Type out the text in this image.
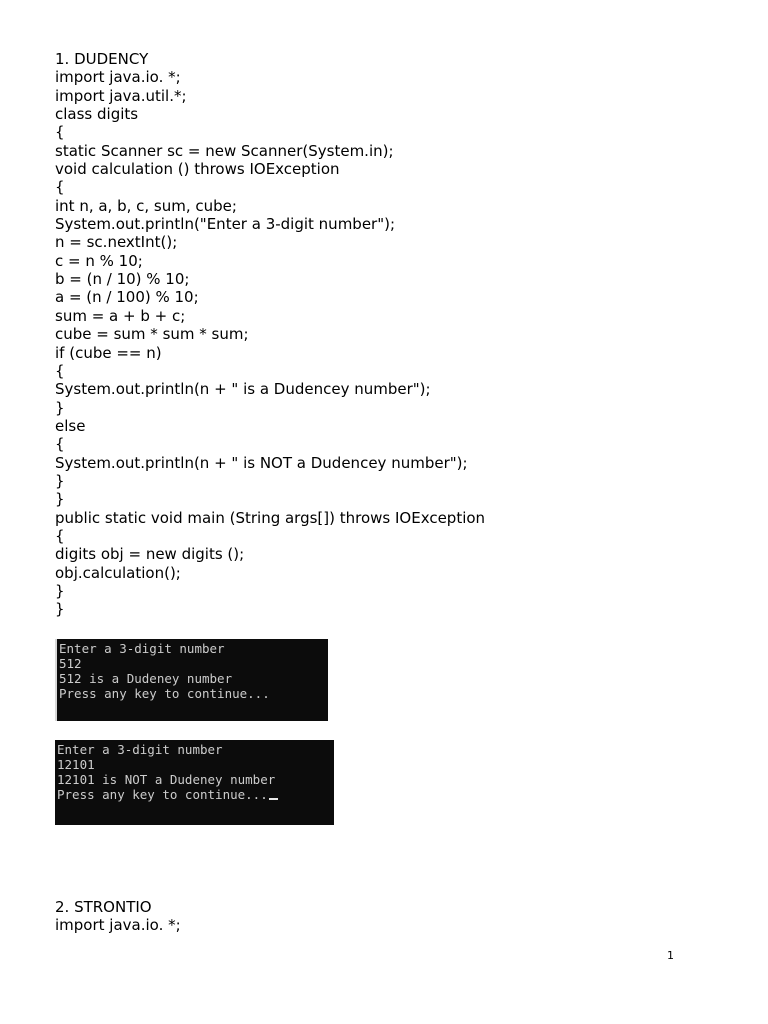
1. DUDENCY
import java.io. *;
import java.util.*;
class digits
{
static Scanner sc = new Scanner(System.in);
void calculation () throws IOException
{
int n, a, b, c, sum, cube;
System.out.println("Enter a 3-digit number");
n = sc.nextInt();
c = n % 10;
b = (n / 10) % 10;
a = (n / 100) % 10;
sum = a + b + c;
cube = sum * sum * sum;
if (cube == n)
{
System.out.println(n + " is a Dudencey number");
}
else
{
System.out.println(n + " is NOT a Dudencey number");
}
}
public static void main (String args[]) throws IOException
{
digits obj = new digits ();
obj.calculation();
}
}
Enter a 3-digit number
512
512 is a Dudeney number
Press any key to continue...
Enter a 3-digit number
12101
12101 is NOT a Dudeney number
Press any key to continue...
2. STRONTIO
import java.io. *;
1
